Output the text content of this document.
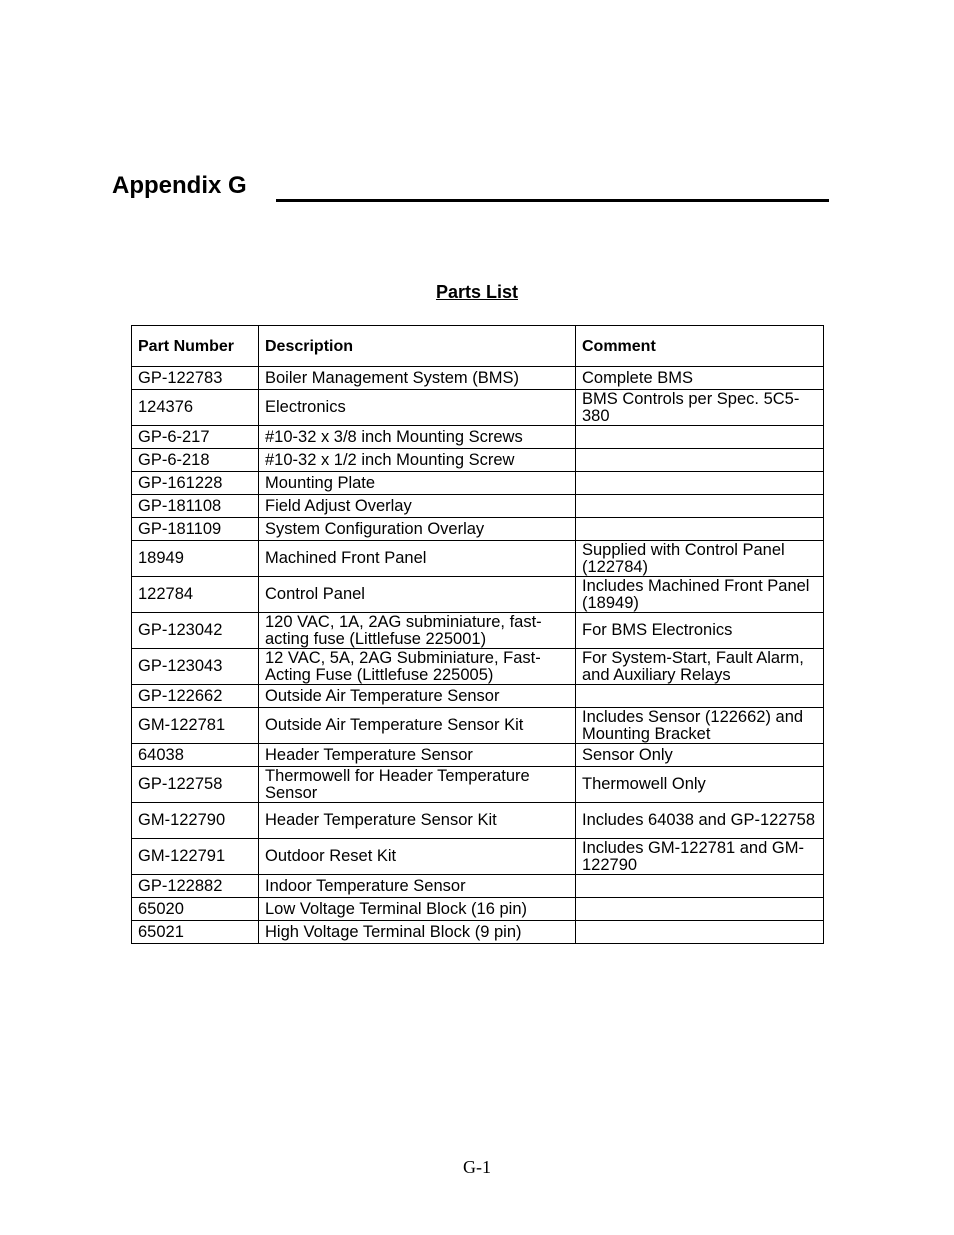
Appendix G
Parts List
Part Number	Description	Comment
GP-122783	Boiler Management System (BMS)	Complete BMS
124376	Electronics	BMS Controls per Spec. 5C5-380
GP-6-217	#10-32 x 3/8 inch Mounting Screws	
GP-6-218	#10-32 x 1/2 inch Mounting Screw	
GP-161228	Mounting Plate	
GP-181108	Field Adjust Overlay	
GP-181109	System Configuration Overlay	
18949	Machined Front Panel	Supplied with Control Panel (122784)
122784	Control Panel	Includes Machined Front Panel (18949)
GP-123042	120 VAC, 1A, 2AG subminiature, fast-acting fuse (Littlefuse 225001)	For BMS Electronics
GP-123043	12 VAC, 5A, 2AG Subminiature, Fast-Acting Fuse (Littlefuse 225005)	For System-Start, Fault Alarm, and Auxiliary Relays
GP-122662	Outside Air Temperature Sensor	
GM-122781	Outside Air Temperature Sensor Kit	Includes Sensor (122662) and Mounting Bracket
64038	Header Temperature Sensor	Sensor Only
GP-122758	Thermowell for Header Temperature Sensor	Thermowell Only
GM-122790	Header Temperature Sensor Kit	Includes 64038 and GP-122758
GM-122791	Outdoor Reset Kit	Includes GM-122781 and GM-122790
GP-122882	Indoor Temperature Sensor	
65020	Low Voltage Terminal Block (16 pin)	
65021	High Voltage Terminal Block (9 pin)	
G-1
